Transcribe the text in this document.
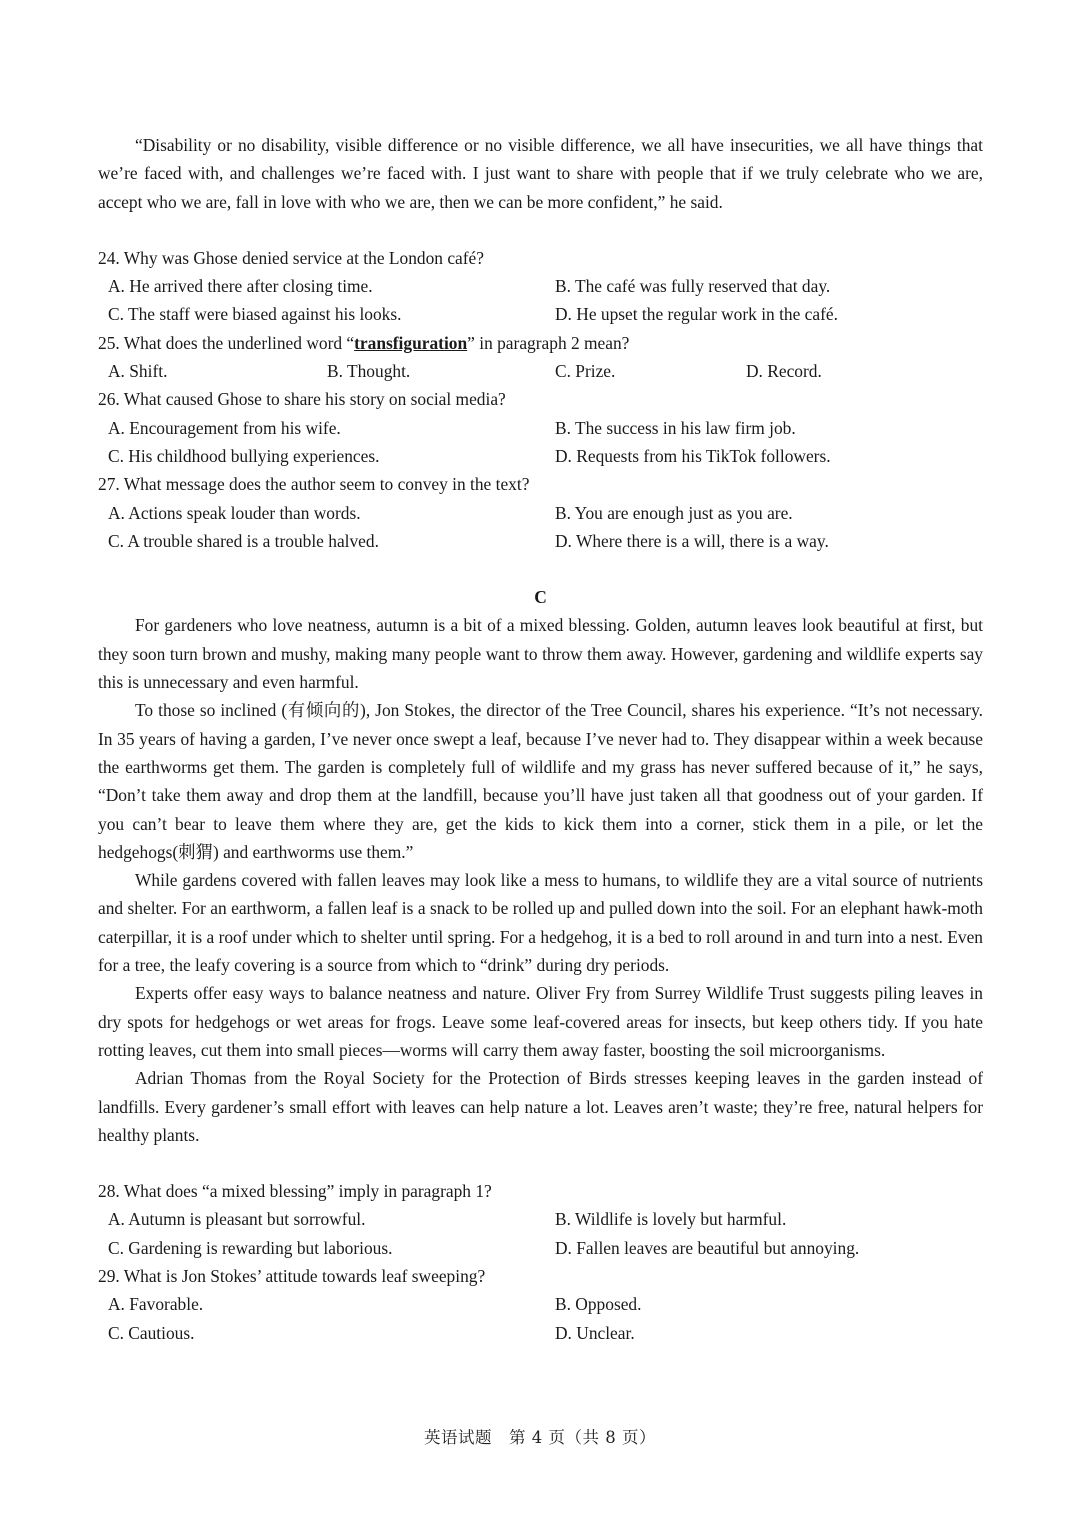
“Disability or no disability, visible difference or no visible difference, we all have insecurities, we all have things that we’re faced with, and challenges we’re faced with. I just want to share with people that if we truly celebrate who we are, accept who we are, fall in love with who we are, then we can be more confident,” he said.

24. Why was Ghose denied service at the London café?

A. He arrived there after closing time.	B. The café was fully reserved that day.
C. The staff were biased against his looks.	D. He upset the regular work in the café.

25. What does the underlined word “transfiguration” in paragraph 2 mean?

A. Shift.	B. Thought.	C. Prize.	D. Record.

26. What caused Ghose to share his story on social media?

A. Encouragement from his wife.	B. The success in his law firm job.
C. His childhood bullying experiences.	D. Requests from his TikTok followers.

27. What message does the author seem to convey in the text?

A. Actions speak louder than words.	B. You are enough just as you are.
C. A trouble shared is a trouble halved.	D. Where there is a will, there is a way.

C

For gardeners who love neatness, autumn is a bit of a mixed blessing. Golden, autumn leaves look beautiful at first, but they soon turn brown and mushy, making many people want to throw them away. However, gardening and wildlife experts say this is unnecessary and even harmful.

To those so inclined (有倾向的), Jon Stokes, the director of the Tree Council, shares his experience. “It’s not necessary. In 35 years of having a garden, I’ve never once swept a leaf, because I’ve never had to. They disappear within a week because the earthworms get them. The garden is completely full of wildlife and my grass has never suffered because of it,” he says, “Don’t take them away and drop them at the landfill, because you’ll have just taken all that goodness out of your garden. If you can’t bear to leave them where they are, get the kids to kick them into a corner, stick them in a pile, or let the hedgehogs(刺猬) and earthworms use them.”

While gardens covered with fallen leaves may look like a mess to humans, to wildlife they are a vital source of nutrients and shelter. For an earthworm, a fallen leaf is a snack to be rolled up and pulled down into the soil. For an elephant hawk-moth caterpillar, it is a roof under which to shelter until spring. For a hedgehog, it is a bed to roll around in and turn into a nest. Even for a tree, the leafy covering is a source from which to “drink” during dry periods.

Experts offer easy ways to balance neatness and nature. Oliver Fry from Surrey Wildlife Trust suggests piling leaves in dry spots for hedgehogs or wet areas for frogs. Leave some leaf-covered areas for insects, but keep others tidy. If you hate rotting leaves, cut them into small pieces—worms will carry them away faster, boosting the soil microorganisms.

Adrian Thomas from the Royal Society for the Protection of Birds stresses keeping leaves in the garden instead of landfills. Every gardener’s small effort with leaves can help nature a lot. Leaves aren’t waste; they’re free, natural helpers for healthy plants.

28. What does “a mixed blessing” imply in paragraph 1?

A. Autumn is pleasant but sorrowful.	B. Wildlife is lovely but harmful.
C. Gardening is rewarding but laborious.	D. Fallen leaves are beautiful but annoying.

29. What is Jon Stokes’ attitude towards leaf sweeping?

A. Favorable.	B. Opposed.
C. Cautious.	D. Unclear.
英语试题　第 4 页（共 8 页）
